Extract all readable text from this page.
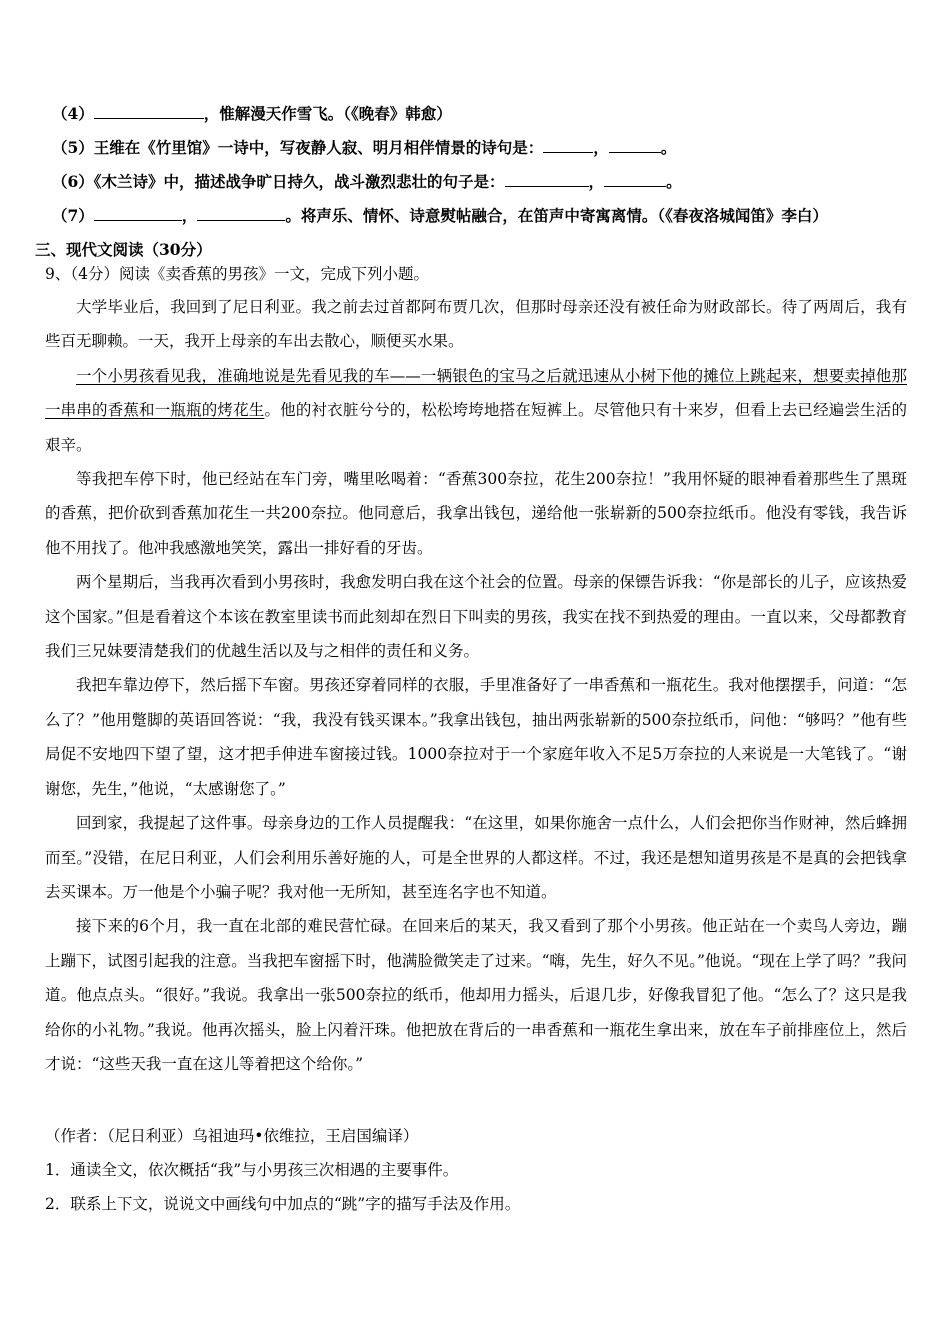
（4）	，惟解漫天作雪飞。（《晚春》韩愈）
（5）王维在《竹里馆》一诗中，写夜静人寂、明月相伴情景的诗句是：	，	。
（6）《木兰诗》中，描述战争旷日持久，战斗激烈悲壮的句子是：	，	。
（7）	，	。将声乐、情怀、诗意熨帖融合，在笛声中寄寓离情。（《春夜洛城闻笛》李白）
三、现代文阅读（30分）
9、（4分）阅读《卖香蕉的男孩》一文，完成下列小题。

大学毕业后，我回到了尼日利亚。我之前去过首都阿布贾几次，但那时母亲还没有被任命为财政部长。待了两周后，我有些百无聊赖。一天，我开上母亲的车出去散心，顺便买水果。

一个小男孩看见我，准确地说是先看见我的车——一辆银色的宝马之后就迅速从小树下他的摊位上跳起来，想要卖掉他那一串串的香蕉和一瓶瓶的烤花生。他的衬衣脏兮兮的，松松垮垮地搭在短裤上。尽管他只有十来岁，但看上去已经遍尝生活的艰辛。

等我把车停下时，他已经站在车门旁，嘴里吆喝着：“香蕉300奈拉，花生200奈拉！”我用怀疑的眼神看着那些生了黑斑的香蕉，把价砍到香蕉加花生一共200奈拉。他同意后，我拿出钱包，递给他一张崭新的500奈拉纸币。他没有零钱，我告诉他不用找了。他冲我感激地笑笑，露出一排好看的牙齿。

两个星期后，当我再次看到小男孩时，我愈发明白我在这个社会的位置。母亲的保镖告诉我：“你是部长的儿子，应该热爱这个国家。”但是看着这个本该在教室里读书而此刻却在烈日下叫卖的男孩，我实在找不到热爱的理由。一直以来，父母都教育我们三兄妹要清楚我们的优越生活以及与之相伴的责任和义务。

我把车靠边停下，然后摇下车窗。男孩还穿着同样的衣服，手里准备好了一串香蕉和一瓶花生。我对他摆摆手，问道：“怎么了？”他用蹩脚的英语回答说：“我，我没有钱买课本。”我拿出钱包，抽出两张崭新的500奈拉纸币，问他：“够吗？”他有些局促不安地四下望了望，这才把手伸进车窗接过钱。1000奈拉对于一个家庭年收入不足5万奈拉的人来说是一大笔钱了。“谢谢您，先生，”他说，“太感谢您了。”

回到家，我提起了这件事。母亲身边的工作人员提醒我：“在这里，如果你施舍一点什么，人们会把你当作财神，然后蜂拥而至。”没错，在尼日利亚，人们会利用乐善好施的人，可是全世界的人都这样。不过，我还是想知道男孩是不是真的会把钱拿去买课本。万一他是个小骗子呢？我对他一无所知，甚至连名字也不知道。

接下来的6个月，我一直在北部的难民营忙碌。在回来后的某天，我又看到了那个小男孩。他正站在一个卖鸟人旁边，蹦上蹦下，试图引起我的注意。当我把车窗摇下时，他满脸微笑走了过来。“嗨，先生，好久不见。”他说。“现在上学了吗？”我问道。他点点头。“很好。”我说。我拿出一张500奈拉的纸币，他却用力摇头，后退几步，好像我冒犯了他。“怎么了？这只是我给你的小礼物。”我说。他再次摇头，脸上闪着汗珠。他把放在背后的一串香蕉和一瓶花生拿出来，放在车子前排座位上，然后才说：“这些天我一直在这儿等着把这个给你。”

（作者：（尼日利亚）乌祖迪玛•依维拉，王启国编译）
1．通读全文，依次概括“我”与小男孩三次相遇的主要事件。
2．联系上下文，说说文中画线句中加点的“跳”字的描写手法及作用。
